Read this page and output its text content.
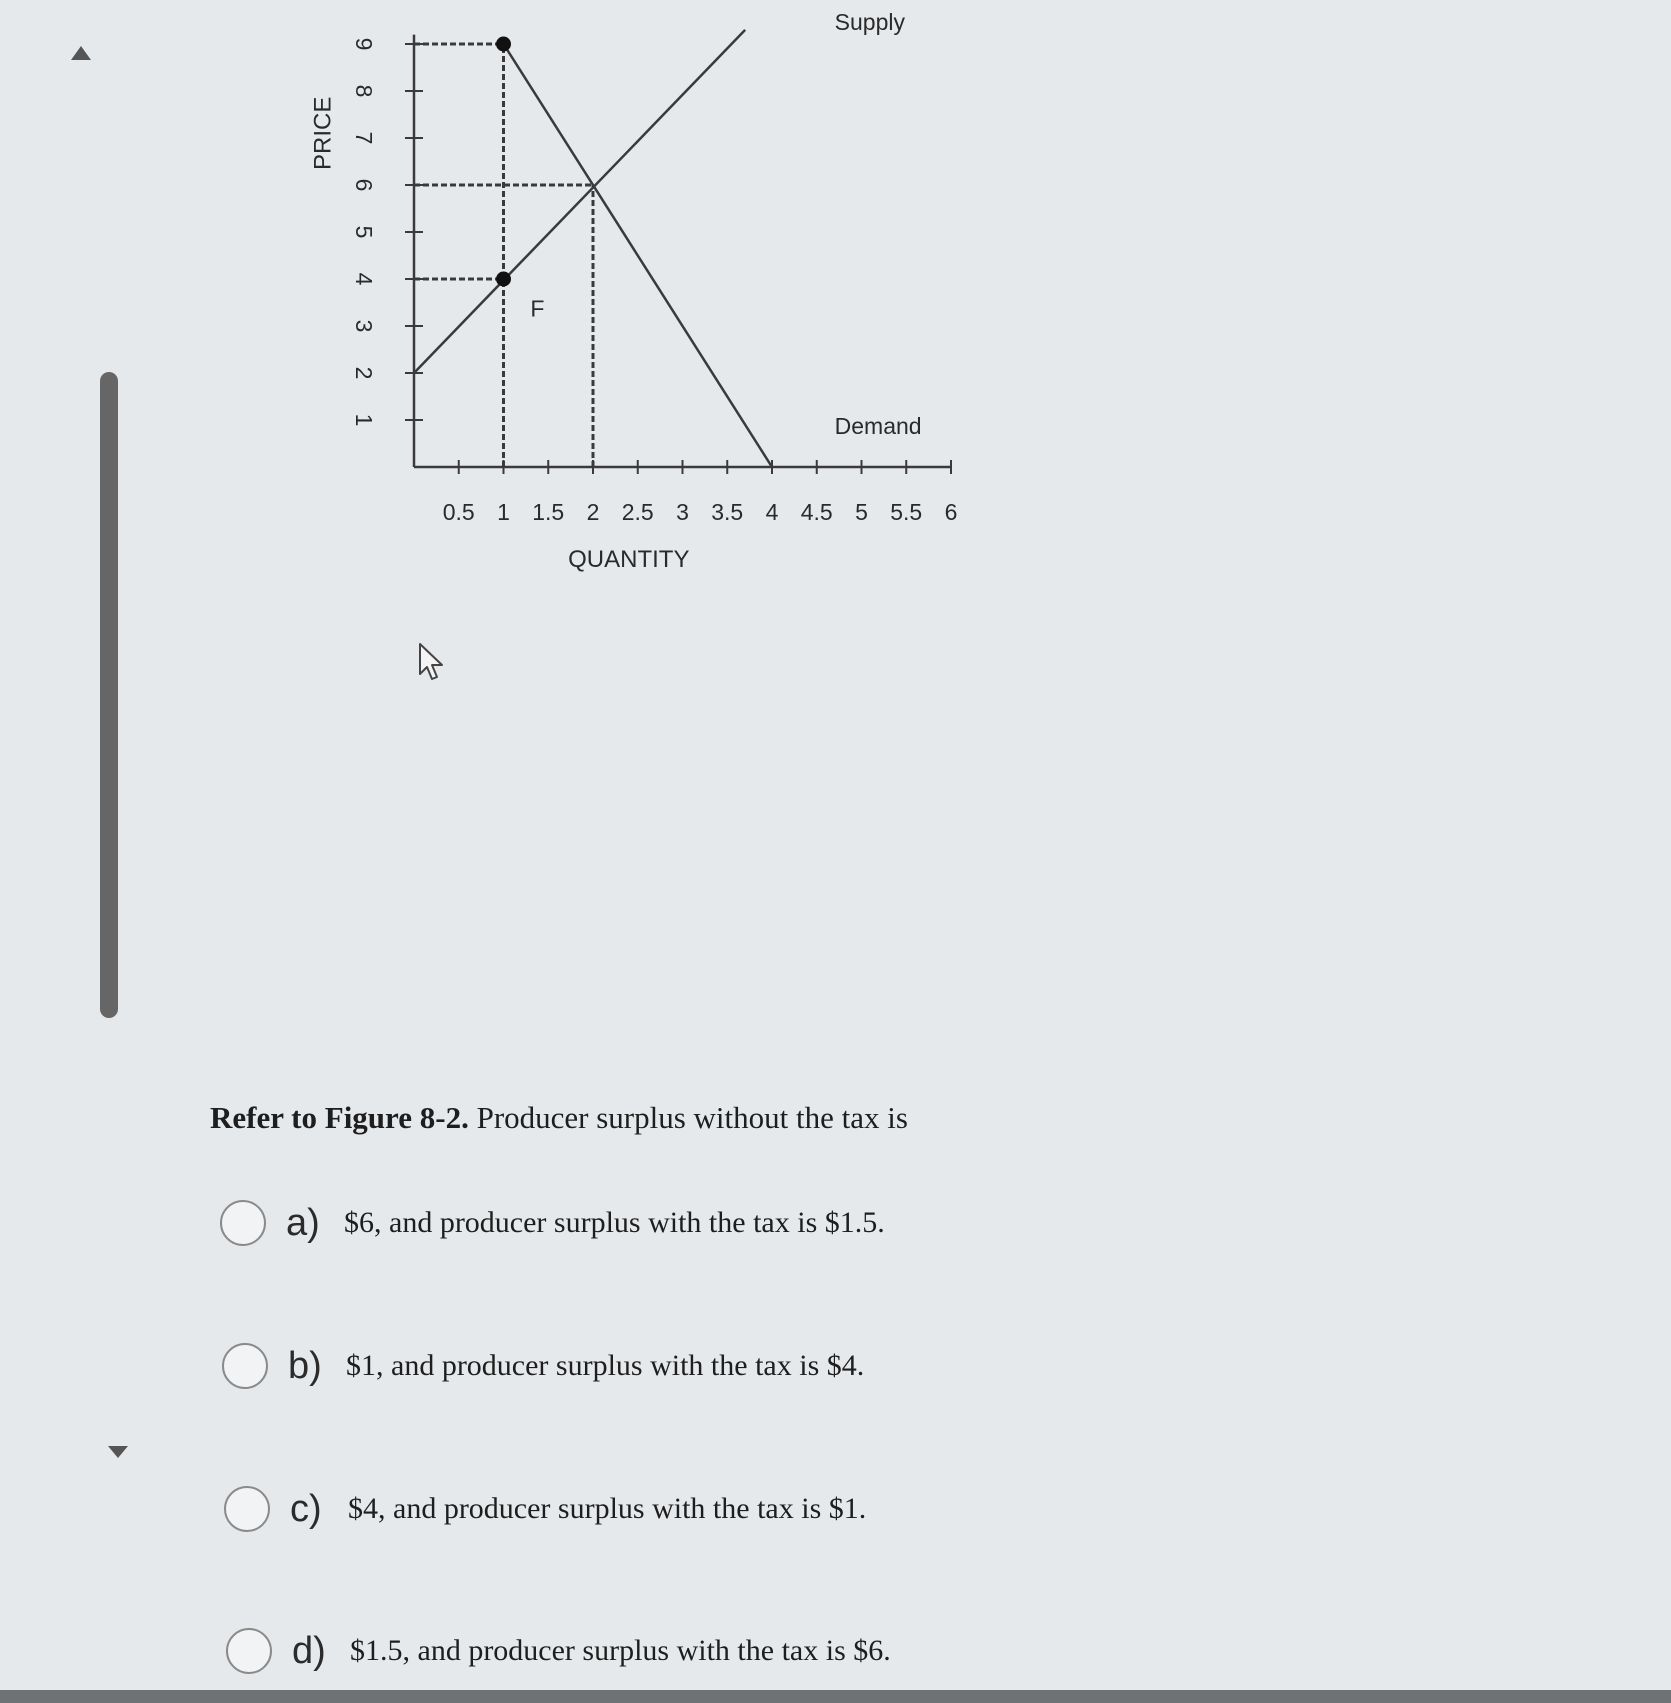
0.5 1 1.5 2 2.5 3 3.5 4 4.5 5 5.5 6
1
2
3
4
5
6
7
8
9
QUANTITY
PRICE
F
Supply
Demand
Refer to Figure 8-2. Producer surplus without the tax is
a) $6, and producer surplus with the tax is $1.5.
b) $1, and producer surplus with the tax is $4.
c) $4, and producer surplus with the tax is $1.
d) $1.5, and producer surplus with the tax is $6.
